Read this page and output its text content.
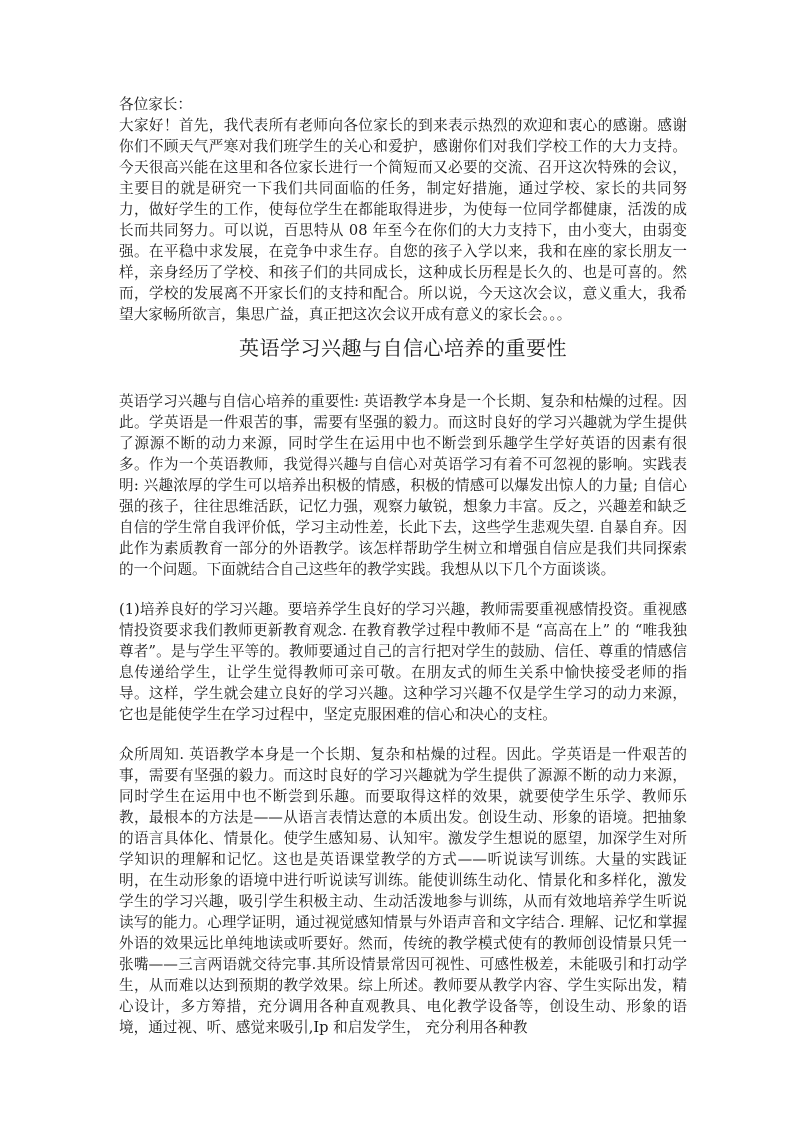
各位家长：

大家好！首先，我代表所有老师向各位家长的到来表示热烈的欢迎和衷心的感谢。感谢你们不顾天气严寒对我们班学生的关心和爱护，感谢你们对我们学校工作的大力支持。今天很高兴能在这里和各位家长进行一个简短而又必要的交流、召开这次特殊的会议，主要目的就是研究一下我们共同面临的任务，制定好措施，通过学校、家长的共同努力，做好学生的工作，使每位学生在都能取得进步，为使每一位同学都健康，活泼的成长而共同努力。可以说，百思特从 08 年至今在你们的大力支持下，由小变大，由弱变强。在平稳中求发展，在竞争中求生存。自您的孩子入学以来，我和在座的家长朋友一样，亲身经历了学校、和孩子们的共同成长，这种成长历程是长久的、也是可喜的。然而，学校的发展离不开家长们的支持和配合。所以说，今天这次会议，意义重大，我希望大家畅所欲言，集思广益，真正把这次会议开成有意义的家长会。。。

英语学习兴趣与自信心培养的重要性

英语学习兴趣与自信心培养的重要性: 英语教学本身是一个长期、复杂和枯燥的过程。因此。学英语是一件艰苦的事，需要有坚强的毅力。而这时良好的学习兴趣就为学生提供了源源不断的动力来源，同时学生在运用中也不断尝到乐趣学生学好英语的因素有很多。作为一个英语教师，我觉得兴趣与自信心对英语学习有着不可忽视的影响。实践表明: 兴趣浓厚的学生可以培养出积极的情感，积极的情感可以爆发出惊人的力量; 自信心强的孩子，往往思维活跃，记忆力强，观察力敏锐，想象力丰富。反之，兴趣差和缺乏自信的学生常自我评价低，学习主动性差，长此下去，这些学生悲观失望. 自暴自弃。因此作为素质教育一部分的外语教学。该怎样帮助学生树立和增强自信应是我们共同探索的一个问题。下面就结合自己这些年的教学实践。我想从以下几个方面谈谈。

(1)培养良好的学习兴趣。要培养学生良好的学习兴趣，教师需要重视感情投资。重视感情投资要求我们教师更新教育观念. 在教育教学过程中教师不是 “高高在上” 的 “唯我独尊者”。是与学生平等的。教师要通过自己的言行把对学生的鼓励、信任、尊重的情感信息传递给学生，让学生觉得教师可亲可敬。在朋友式的师生关系中愉快接受老师的指导。这样，学生就会建立良好的学习兴趣。这种学习兴趣不仅是学生学习的动力来源，它也是能使学生在学习过程中，坚定克服困难的信心和决心的支柱。

众所周知. 英语教学本身是一个长期、复杂和枯燥的过程。因此。学英语是一件艰苦的事，需要有坚强的毅力。而这时良好的学习兴趣就为学生提供了源源不断的动力来源，同时学生在运用中也不断尝到乐趣。而要取得这样的效果，就要使学生乐学、教师乐教，最根本的方法是——从语言表情达意的本质出发。创设生动、形象的语境。把抽象的语言具体化、情景化。使学生感知易、认知牢。激发学生想说的愿望，加深学生对所学知识的理解和记忆。这也是英语课堂教学的方式——听说读写训练。大量的实践证明，在生动形象的语境中进行听说读写训练。能使训练生动化、情景化和多样化，激发学生的学习兴趣，吸引学生积极主动、生动活泼地参与训练，从而有效地培养学生听说读写的能力。心理学证明，通过视觉感知情景与外语声音和文字结合. 理解、记忆和掌握外语的效果远比单纯地读或听要好。然而，传统的教学模式使有的教师创设情景只凭一张嘴——三言两语就交待完事.其所设情景常因可视性、可感性极差，未能吸引和打动学生，从而难以达到预期的教学效果。综上所述。教师要从教学内容、学生实际出发，精心设计，多方筹措，充分调用各种直观教具、电化教学设备等，创设生动、形象的语境，通过视、听、感觉来吸引,Ip 和启发学生， 充分利用各种教
